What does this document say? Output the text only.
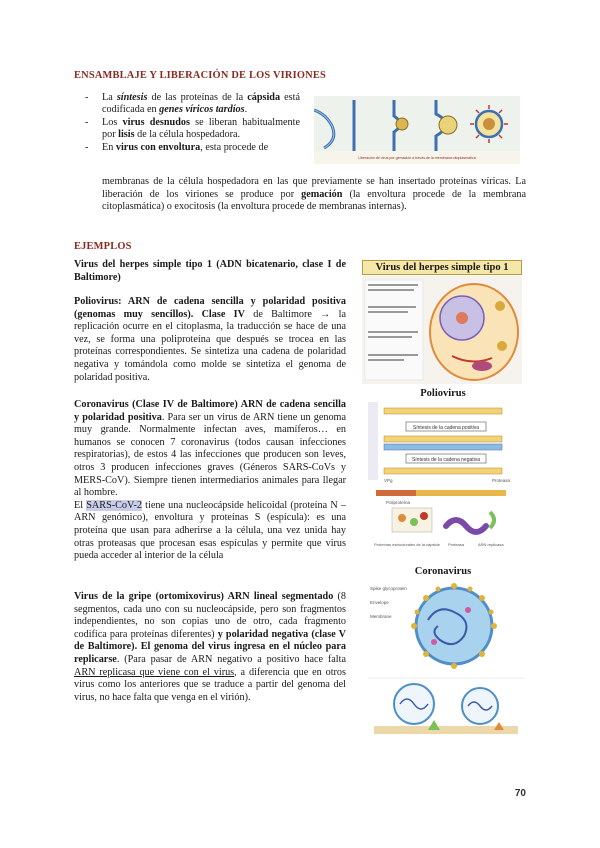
ENSAMBLAJE Y LIBERACIÓN DE LOS VIRIONES
- La síntesis de las proteínas de la cápsida está codificada en genes víricos tardíos.
- Los virus desnudos se liberan habitualmente por lisis de la célula hospedadora.
- En virus con envoltura, esta procede de
Liberación de virus por gemación a través de la membrana citoplasmática
membranas de la célula hospedadora en las que previamente se han insertado proteínas víricas. La liberación de los viriones se produce por gemación (la envoltura procede de la membrana citoplasmática) o exocitosis (la envoltura procede de membranas internas).
EJEMPLOS
Virus del herpes simple tipo 1 (ADN bicatenario, clase I de Baltimore)
Poliovirus: ARN de cadena sencilla y polaridad positiva (genomas muy sencillos). Clase IV de Baltimore → la replicación ocurre en el citoplasma, la traducción se hace de una vez, se forma una poliproteína que después se trocea en las proteínas correspondientes. Se sintetiza una cadena de polaridad negativa y tomándola como molde se sintetiza el genoma de polaridad positiva.
Coronavirus (Clase IV de Baltimore) ARN de cadena sencilla y polaridad positiva. Para ser un virus de ARN tiene un genoma muy grande. Normalmente infectan aves, mamíferos… en humanos se conocen 7 coronavirus (todos causan infecciones respiratorias), de estos 4 las infecciones que producen son leves, otros 3 producen infecciones graves (Géneros SARS-CoVs y MERS-CoV). Siempre tienen intermediarios animales para llegar al hombre.
El SARS-CoV-2 tiene una nucleocápside helicoidal (proteína N –ARN genómico), envoltura y proteínas S (espícula): es una proteína que usan para adherirse a la célula, una vez unida hay otras proteasas que procesan esas espículas y permite que virus pueda acceder al interior de la célula
Virus de la gripe (ortomixovirus) ARN lineal segmentado (8 segmentos, cada uno con su nucleocápside, pero son fragmentos independientes, no son copias uno de otro, cada fragmento codifica para proteínas diferentes) y polaridad negativa (clase V de Baltimore). El genoma del virus ingresa en el núcleo para replicarse. (Para pasar de ARN negativo a positivo hace falta ARN replicasa que viene con el virus, a diferencia que en otros virus como los anteriores que se traduce a partir del genoma del virus, no hace falta que venga en el virión).
Virus del herpes simple tipo 1
Poliovirus
Síntesis de la cadena positiva
Síntesis de la cadena negativa
VPg	Proteasa
Poliproteína
Proteínas estructurales de la cápside Proteasa	ARN replicasa
Coronavirus
Spike glycoprotein
Envelope
Membrane
70
